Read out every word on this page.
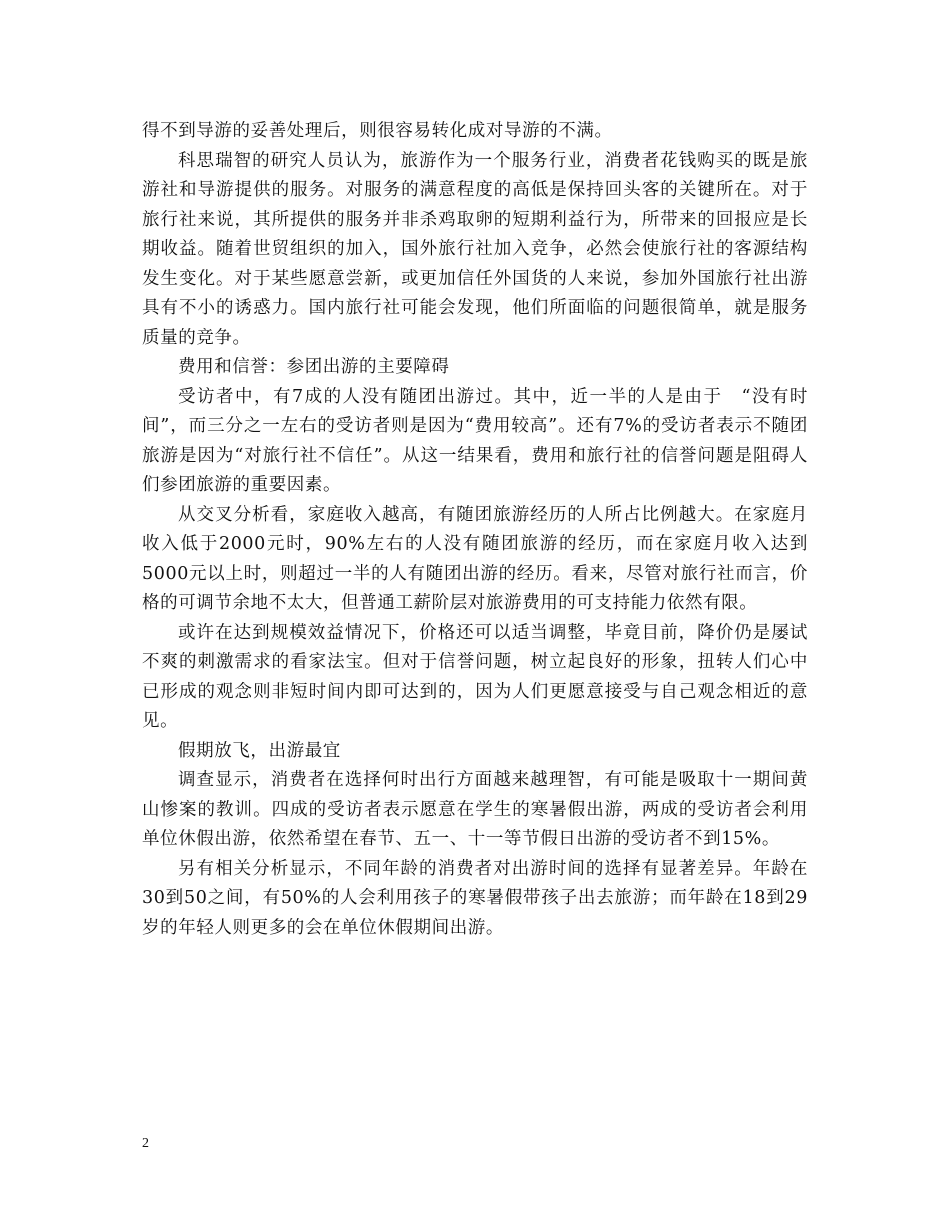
得不到导游的妥善处理后，则很容易转化成对导游的不满。

科思瑞智的研究人员认为，旅游作为一个服务行业，消费者花钱购买的既是旅游社和导游提供的服务。对服务的满意程度的高低是保持回头客的关键所在。对于旅行社来说，其所提供的服务并非杀鸡取卵的短期利益行为，所带来的回报应是长期收益。随着世贸组织的加入，国外旅行社加入竞争，必然会使旅行社的客源结构发生变化。对于某些愿意尝新，或更加信任外国货的人来说，参加外国旅行社出游具有不小的诱惑力。国内旅行社可能会发现，他们所面临的问题很简单，就是服务质量的竞争。

费用和信誉：参团出游的主要障碍

受访者中，有7成的人没有随团出游过。其中，近一半的人是由于　“没有时间”，而三分之一左右的受访者则是因为“费用较高”。还有7%的受访者表示不随团旅游是因为“对旅行社不信任”。从这一结果看，费用和旅行社的信誉问题是阻碍人们参团旅游的重要因素。

从交叉分析看，家庭收入越高，有随团旅游经历的人所占比例越大。在家庭月收入低于2000元时，90%左右的人没有随团旅游的经历，而在家庭月收入达到5000元以上时，则超过一半的人有随团出游的经历。看来，尽管对旅行社而言，价格的可调节余地不太大，但普通工薪阶层对旅游费用的可支持能力依然有限。

或许在达到规模效益情况下，价格还可以适当调整，毕竟目前，降价仍是屡试不爽的刺激需求的看家法宝。但对于信誉问题，树立起良好的形象，扭转人们心中已形成的观念则非短时间内即可达到的，因为人们更愿意接受与自己观念相近的意见。

假期放飞，出游最宜

调查显示，消费者在选择何时出行方面越来越理智，有可能是吸取十一期间黄山惨案的教训。四成的受访者表示愿意在学生的寒暑假出游，两成的受访者会利用单位休假出游，依然希望在春节、五一、十一等节假日出游的受访者不到15%。

另有相关分析显示，不同年龄的消费者对出游时间的选择有显著差异。年龄在30到50之间，有50%的人会利用孩子的寒暑假带孩子出去旅游；而年龄在18到29岁的年轻人则更多的会在单位休假期间出游。

2
